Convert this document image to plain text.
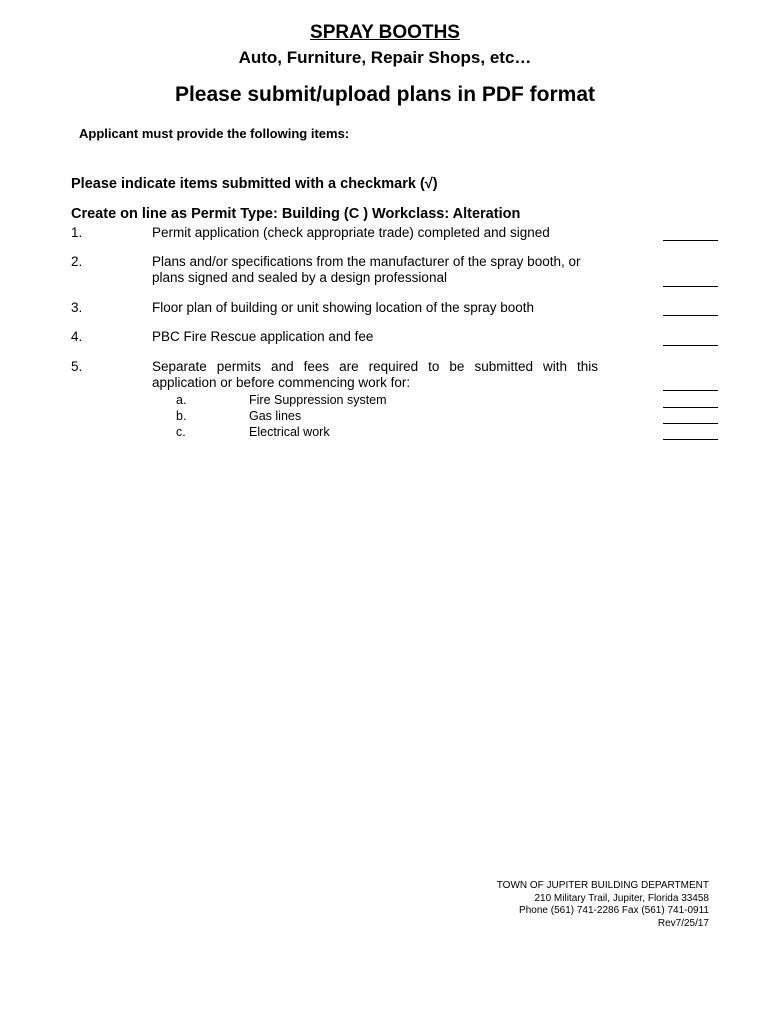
SPRAY BOOTHS
Auto, Furniture, Repair Shops, etc…
Please submit/upload plans in PDF format
Applicant must provide the following items:
Please indicate items submitted with a checkmark (√)
Create on line as Permit Type: Building (C ) Workclass: Alteration
1.	Permit application (check appropriate trade) completed and signed
2.	Plans and/or specifications from the manufacturer of the spray booth, or plans signed and sealed by a design professional
3.	Floor plan of building or unit showing location of the spray booth
4.	PBC Fire Rescue application and fee
5.	Separate permits and fees are required to be submitted with this application or before commencing work for:
a.	Fire Suppression system
b.	Gas lines
c.	Electrical work
TOWN OF JUPITER BUILDING DEPARTMENT
210 Military Trail, Jupiter, Florida 33458
Phone (561) 741-2286 Fax (561) 741-0911
Rev7/25/17
